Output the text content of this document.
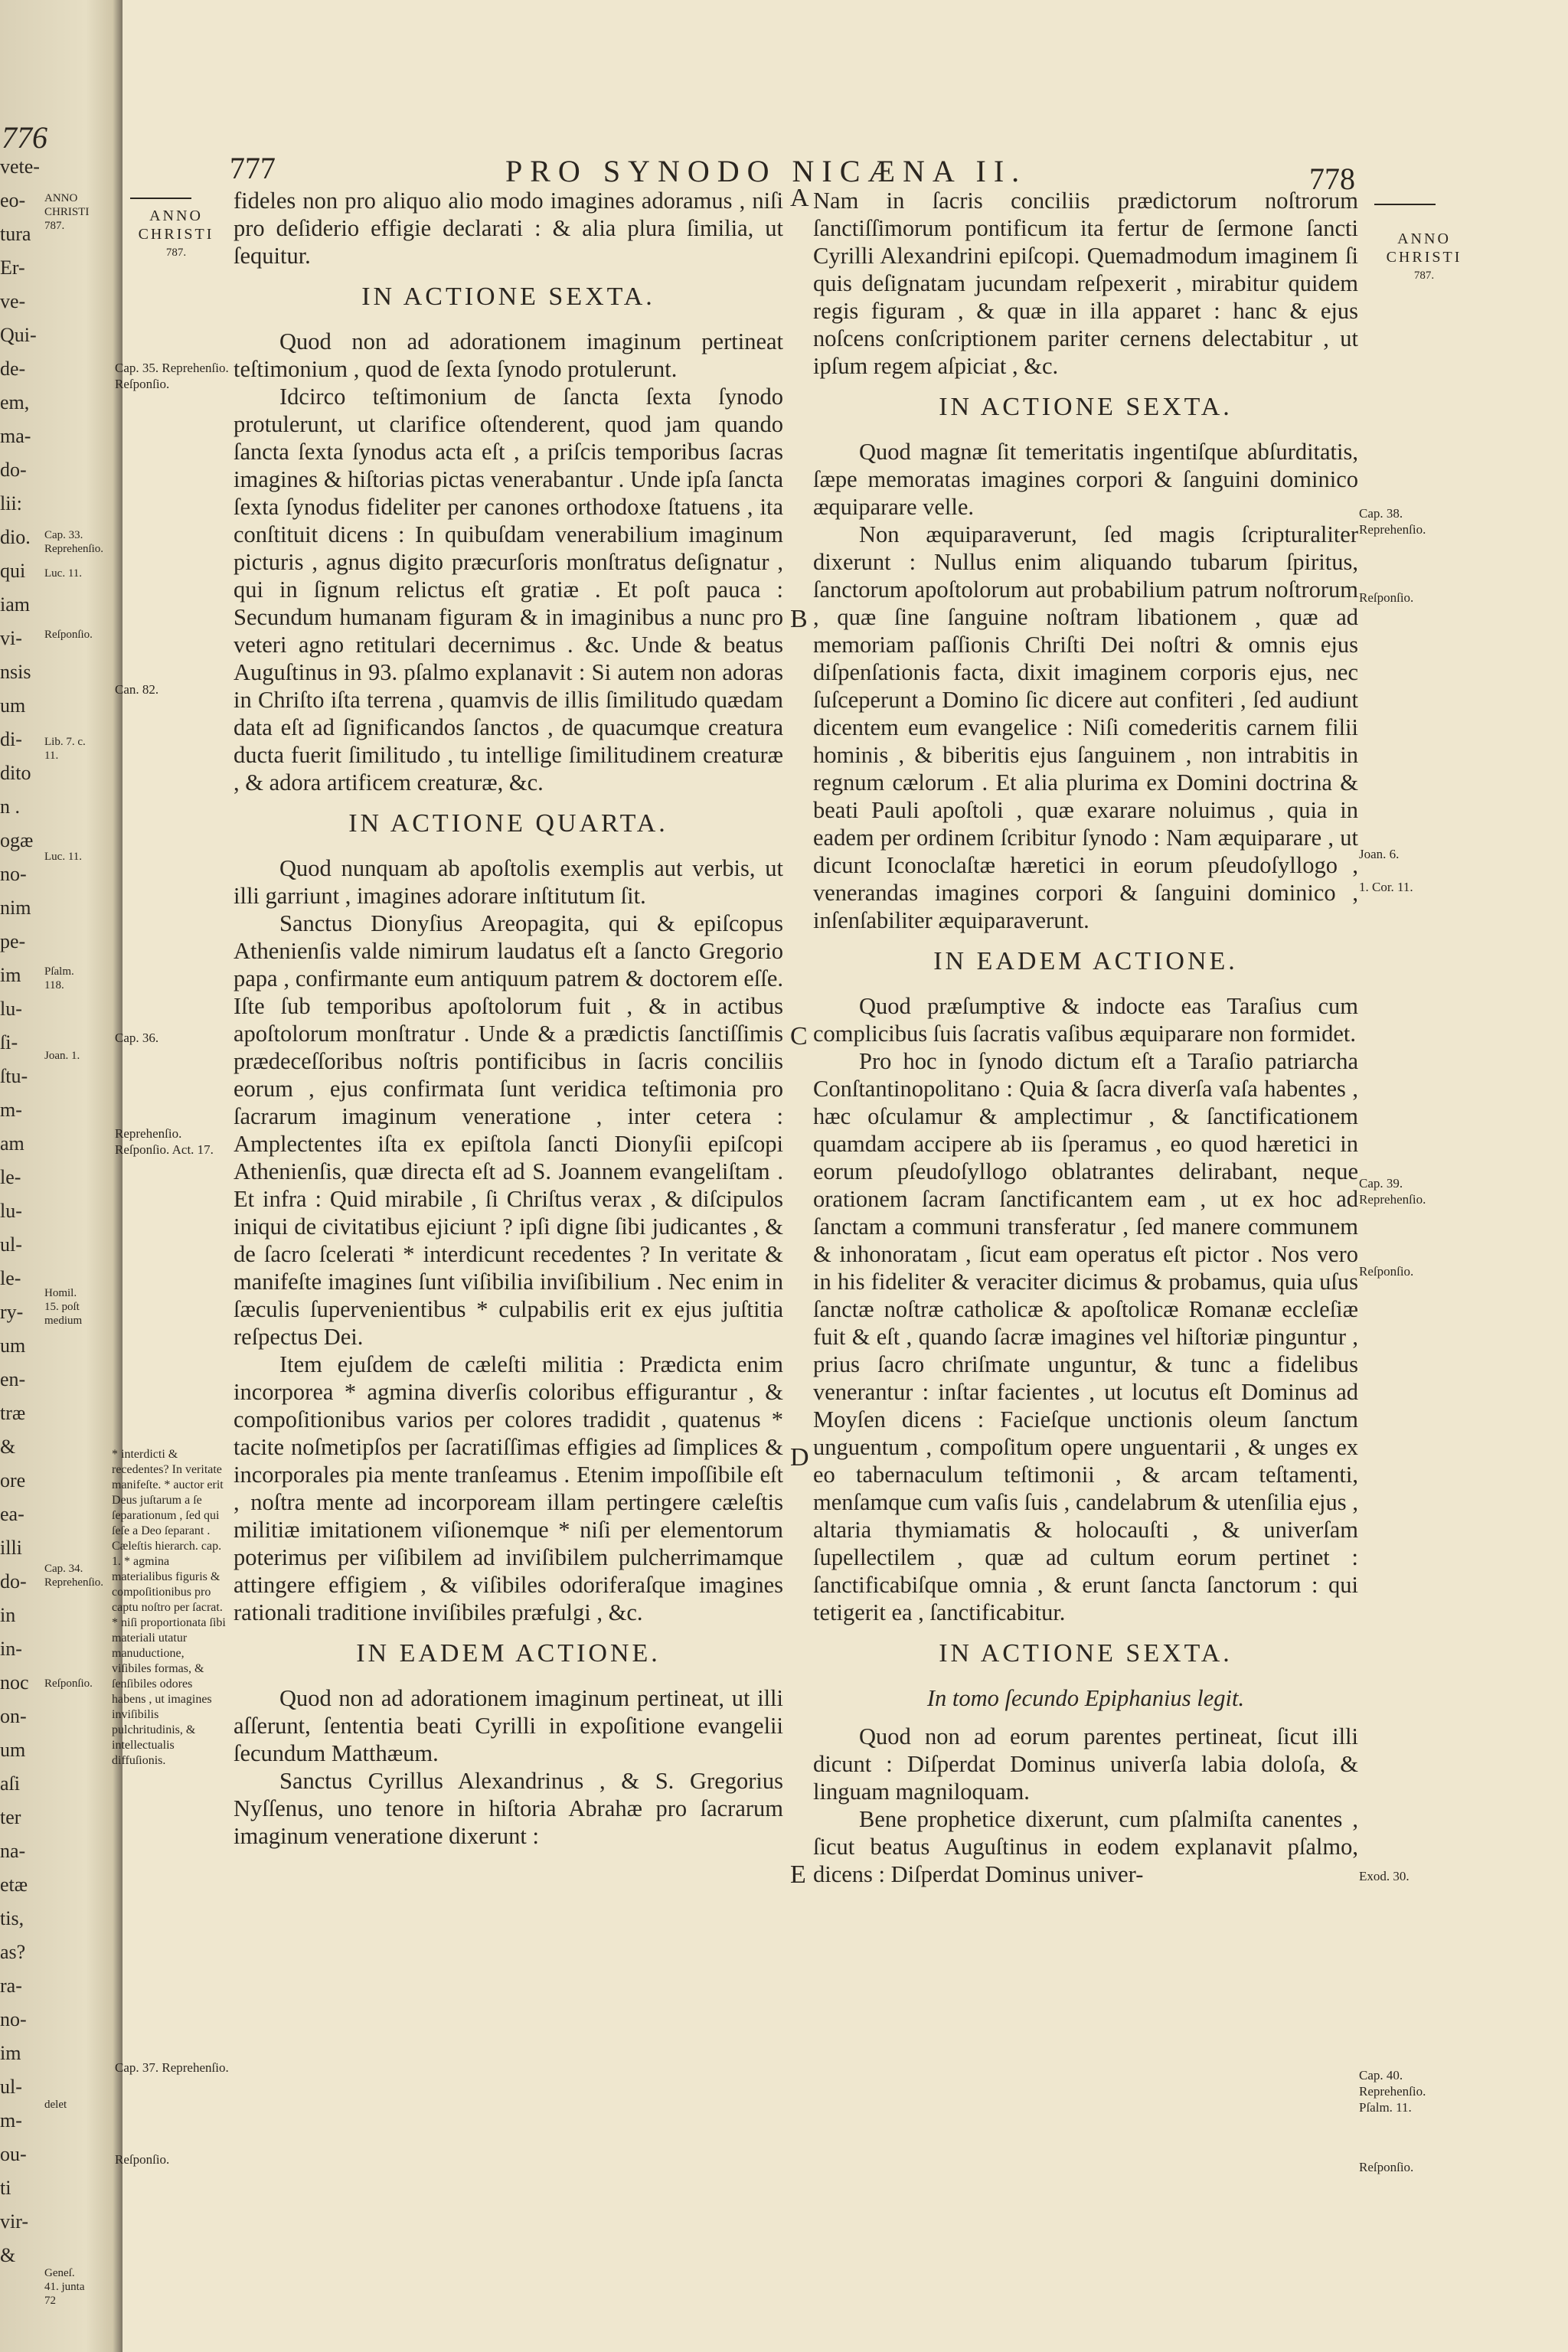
776
vete-
eo-
tura
Er-
ve-
Qui-
de-
em,
ma-
do-
lii:
dio.
qui
iam
vi-
nsis
um
di-
dito
n .
ogæ
no-
nim
pe-
im
lu-
ſi-
ſtu-
m-
am
le-
lu-
ul-
le-
ry-
um
en-
træ
&
ore
ea-
illi
do-
in
in-
noc
on-
um
aſi
ter
na-
etæ
tis,
as?
ra-
no-
im
ul-
m-
ou-
ti
vir-
&
ANNO CHRISTI 787.
Cap. 33. Reprehenſio.
Luc. 11.
Reſponſio.
Lib. 7. c. 11.
Luc. 11.
Pſalm. 118.
Joan. 1.
Homil. 15. poſt medium
Cap. 34. Reprehenſio.
Reſponſio.
delet
Geneſ. 41. junta 72
777	PRO SYNODO NICÆNA II.	778
ANNO CHRISTI
787.
ANNO CHRISTI
787.

fideles non pro aliquo alio modo imagines adoramus , niſi pro deſiderio effigie declarati : & alia plura ſimilia, ut ſequitur.

IN ACTIONE SEXTA.

Quod non ad adorationem imaginum pertineat teſtimonium , quod de ſexta ſynodo protulerunt.

Idcirco teſtimonium de ſancta ſexta ſynodo protulerunt, ut clarifice oſtenderent, quod jam quando ſancta ſexta ſynodus acta eſt , a priſcis temporibus ſacras imagines & hiſtorias pictas venerabantur . Unde ipſa ſancta ſexta ſynodus fideliter per canones orthodoxe ſtatuens , ita conſtituit dicens : In quibuſdam venerabilium imaginum picturis , agnus digito præcurſoris monſtratus deſignatur , qui in ſignum relictus eſt gratiæ . Et poſt pauca : Secundum humanam figuram & in imaginibus a nunc pro veteri agno retitulari decernimus . &c. Unde & beatus Auguſtinus in 93. pſalmo explanavit : Si autem non adoras in Chriſto iſta terrena , quamvis de illis ſimilitudo quædam data eſt ad ſignificandos ſanctos , de quacumque creatura ducta fuerit ſimilitudo , tu intellige ſimilitudinem creaturæ , & adora artificem creaturæ, &c.

IN ACTIONE QUARTA.

Quod nunquam ab apoſtolis exemplis aut verbis, ut illi garriunt , imagines adorare inſtitutum ſit.

Sanctus Dionyſius Areopagita, qui & epiſcopus Athenienſis valde nimirum laudatus eſt a ſancto Gregorio papa , confirmante eum antiquum patrem & doctorem eſſe. Iſte ſub temporibus apoſtolorum fuit , & in actibus apoſtolorum monſtratur . Unde & a prædictis ſanctiſſimis prædeceſſoribus noſtris pontificibus in ſacris conciliis eorum , ejus confirmata ſunt veridica teſtimonia pro ſacrarum imaginum veneratione , inter cetera : Amplectentes iſta ex epiſtola ſancti Dionyſii epiſcopi Athenienſis, quæ directa eſt ad S. Joannem evangeliſtam . Et infra : Quid mirabile , ſi Chriſtus verax , & diſcipulos iniqui de civitatibus ejiciunt ? ipſi digne ſibi judicantes , & de ſacro ſcelerati * interdicunt recedentes ? In veritate & manifeſte imagines ſunt viſibilia inviſibilium . Nec enim in ſæculis ſupervenientibus * culpabilis erit ex ejus juſtitia reſpectus Dei.

Item ejuſdem de cæleſti militia : Prædicta enim incorporea * agmina diverſis coloribus effigurantur , & compoſitionibus varios per colores tradidit , quatenus * tacite noſmetipſos per ſacratiſſimas effigies ad ſimplices & incorporales pia mente tranſeamus . Etenim impoſſibile eſt , noſtra mente ad incorpoream illam pertingere cæleſtis militiæ imitationem viſionemque * niſi per elementorum poterimus per viſibilem ad inviſibilem pulcherrimamque attingere effigiem , & viſibiles odoriferaſque imagines rationali traditione inviſibiles præfulgi , &c.

IN EADEM ACTIONE.

Quod non ad adorationem imaginum pertineat, ut illi aſſerunt, ſententia beati Cyrilli in expoſitione evangelii ſecundum Matthæum.

Sanctus Cyrillus Alexandrinus , & S. Gregorius Nyſſenus, uno tenore in hiſtoria Abrahæ pro ſacrarum imaginum veneratione dixerunt :

Nam in ſacris conciliis prædictorum noſtrorum ſanctiſſimorum pontificum ita fertur de ſermone ſancti Cyrilli Alexandrini epiſcopi. Quemadmodum imaginem ſi quis deſignatam jucundam reſpexerit , mirabitur quidem regis figuram , & quæ in illa apparet : hanc & ejus noſcens conſcriptionem pariter cernens delectabitur , ut ipſum regem aſpiciat , &c.

IN ACTIONE SEXTA.

Quod magnæ ſit temeritatis ingentiſque abſurditatis, ſæpe memoratas imagines corpori & ſanguini dominico æquiparare velle.

Non æquiparaverunt, ſed magis ſcripturaliter dixerunt : Nullus enim aliquando tubarum ſpiritus, ſanctorum apoſtolorum aut probabilium patrum noſtrorum , quæ ſine ſanguine noſtram libationem , quæ ad memoriam paſſionis Chriſti Dei noſtri & omnis ejus diſpenſationis facta, dixit imaginem corporis ejus, nec ſuſceperunt a Domino ſic dicere aut confiteri , ſed audiunt dicentem eum evangelice : Niſi comederitis carnem filii hominis , & biberitis ejus ſanguinem , non intrabitis in regnum cælorum . Et alia plurima ex Domini doctrina & beati Pauli apoſtoli , quæ exarare noluimus , quia in eadem per ordinem ſcribitur ſynodo : Nam æquiparare , ut dicunt Iconoclaſtæ hæretici in eorum pſeudoſyllogo , venerandas imagines corpori & ſanguini dominico , inſenſabiliter æquiparaverunt.

IN EADEM ACTIONE.

Quod præſumptive & indocte eas Taraſius cum complicibus ſuis ſacratis vaſibus æquiparare non formidet.

Pro hoc in ſynodo dictum eſt a Taraſio patriarcha Conſtantinopolitano : Quia & ſacra diverſa vaſa habentes , hæc oſculamur & amplectimur , & ſanctificationem quamdam accipere ab iis ſperamus , eo quod hæretici in eorum pſeudoſyllogo oblatrantes delirabant, neque orationem ſacram ſanctificantem eam , ut ex hoc ad ſanctam a communi transferatur , ſed manere communem & inhonoratam , ſicut eam operatus eſt pictor . Nos vero in his fideliter & veraciter dicimus & probamus, quia uſus ſanctæ noſtræ catholicæ & apoſtolicæ Romanæ eccleſiæ fuit & eſt , quando ſacræ imagines vel hiſtoriæ pinguntur , prius ſacro chriſmate unguntur, & tunc a fidelibus venerantur : inſtar facientes , ut locutus eſt Dominus ad Moyſen dicens : Facieſque unctionis oleum ſanctum unguentum , compoſitum opere unguentarii , & unges ex eo tabernaculum teſtimonii , & arcam teſtamenti, menſamque cum vaſis ſuis , candelabrum & utenſilia ejus , altaria thymiamatis & holocauſti , & univerſam ſupellectilem , quæ ad cultum eorum pertinet : ſanctificabiſque omnia , & erunt ſancta ſanctorum : qui tetigerit ea , ſanctificabitur.

IN ACTIONE SEXTA.

In tomo ſecundo Epiphanius legit.

Quod non ad eorum parentes pertineat, ſicut illi dicunt : Diſperdat Dominus univerſa labia doloſa, & linguam magniloquam.

Bene prophetice dixerunt, cum pſalmiſta canentes , ſicut beatus Auguſtinus in eodem explanavit pſalmo, dicens : Diſperdat Dominus univer-

Cap. 35. Reprehenſio. Reſponſio.
Can. 82.
Cap. 36.
Reprehenſio. Reſponſio. Act. 17.
Cap. 37. Reprehenſio.
Reſponſio.
* interdicti & recedentes? In veritate manifeſte. * auctor erit Deus juſtarum a ſe ſeparationum , ſed qui ſeſe a Deo ſeparant . Cæleſtis hierarch. cap. 1. * agmina materialibus figuris & compoſitionibus pro captu noſtro per ſacrat. * niſi proportionata ſibi materiali utatur manuductione, viſibiles formas, & ſenſibiles odores habens , ut imagines inviſibilis pulchritudinis, & intellectualis diffuſionis.
Cap. 38. Reprehenſio.
Reſponſio.
Joan. 6.
1. Cor. 11.
Cap. 39. Reprehenſio.
Reſponſio.
Exod. 30.
Cap. 40. Reprehenſio. Pſalm. 11.
Reſponſio.
A
B
C
D
E
